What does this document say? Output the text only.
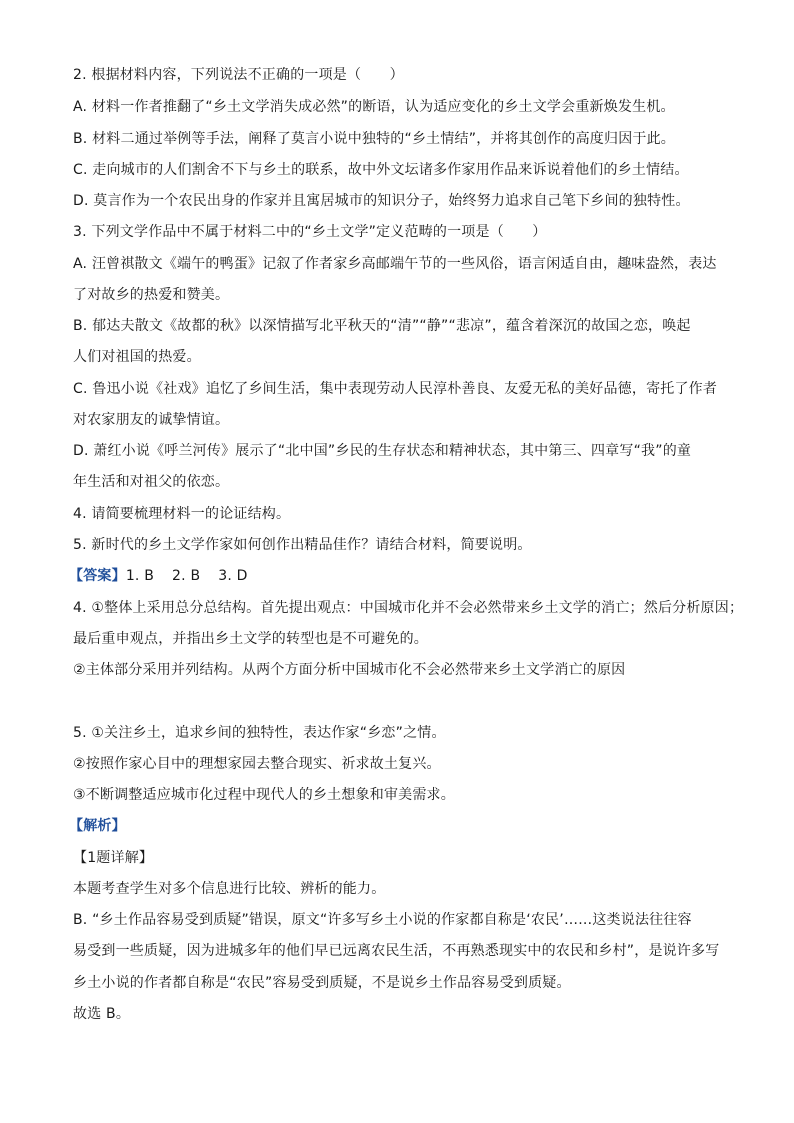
2. 根据材料内容，下列说法不正确的一项是（　　）
A. 材料一作者推翻了“乡土文学消失成必然”的断语，认为适应变化的乡土文学会重新焕发生机。
B. 材料二通过举例等手法，阐释了莫言小说中独特的“乡土情结”，并将其创作的高度归因于此。
C. 走向城市的人们割舍不下与乡土的联系，故中外文坛诸多作家用作品来诉说着他们的乡土情结。
D. 莫言作为一个农民出身的作家并且寓居城市的知识分子，始终努力追求自己笔下乡间的独特性。
3. 下列文学作品中不属于材料二中的“乡土文学”定义范畴的一项是（　　）
A. 汪曾祺散文《端午的鸭蛋》记叙了作者家乡高邮端午节的一些风俗，语言闲适自由，趣味盎然，表达
了对故乡的热爱和赞美。
B. 郁达夫散文《故都的秋》以深情描写北平秋天的“清”“静”“悲凉”，蕴含着深沉的故国之恋，唤起
人们对祖国的热爱。
C. 鲁迅小说《社戏》追忆了乡间生活，集中表现劳动人民淳朴善良、友爱无私的美好品德，寄托了作者
对农家朋友的诚挚情谊。
D. 萧红小说《呼兰河传》展示了“北中国”乡民的生存状态和精神状态，其中第三、四章写“我”的童
年生活和对祖父的依恋。
4. 请简要梳理材料一的论证结构。
5. 新时代的乡土文学作家如何创作出精品佳作？请结合材料，简要说明。
【答案】1. B 2. B 3. D
4. ①整体上采用总分总结构。首先提出观点：中国城市化并不会必然带来乡土文学的消亡；然后分析原因；
最后重申观点，并指出乡土文学的转型也是不可避免的。
②主体部分采用并列结构。从两个方面分析中国城市化不会必然带来乡土文学消亡的原因
5. ①关注乡土，追求乡间的独特性，表达作家“乡恋”之情。
②按照作家心目中的理想家园去整合现实、祈求故土复兴。
③不断调整适应城市化过程中现代人的乡土想象和审美需求。
【解析】
【1题详解】
本题考查学生对多个信息进行比较、辨析的能力。
B. “乡土作品容易受到质疑”错误，原文“许多写乡土小说的作家都自称是‘农民’……这类说法往往容
易受到一些质疑，因为进城多年的他们早已远离农民生活，不再熟悉现实中的农民和乡村”，是说许多写
乡土小说的作者都自称是“农民”容易受到质疑，不是说乡土作品容易受到质疑。
故选 B。
